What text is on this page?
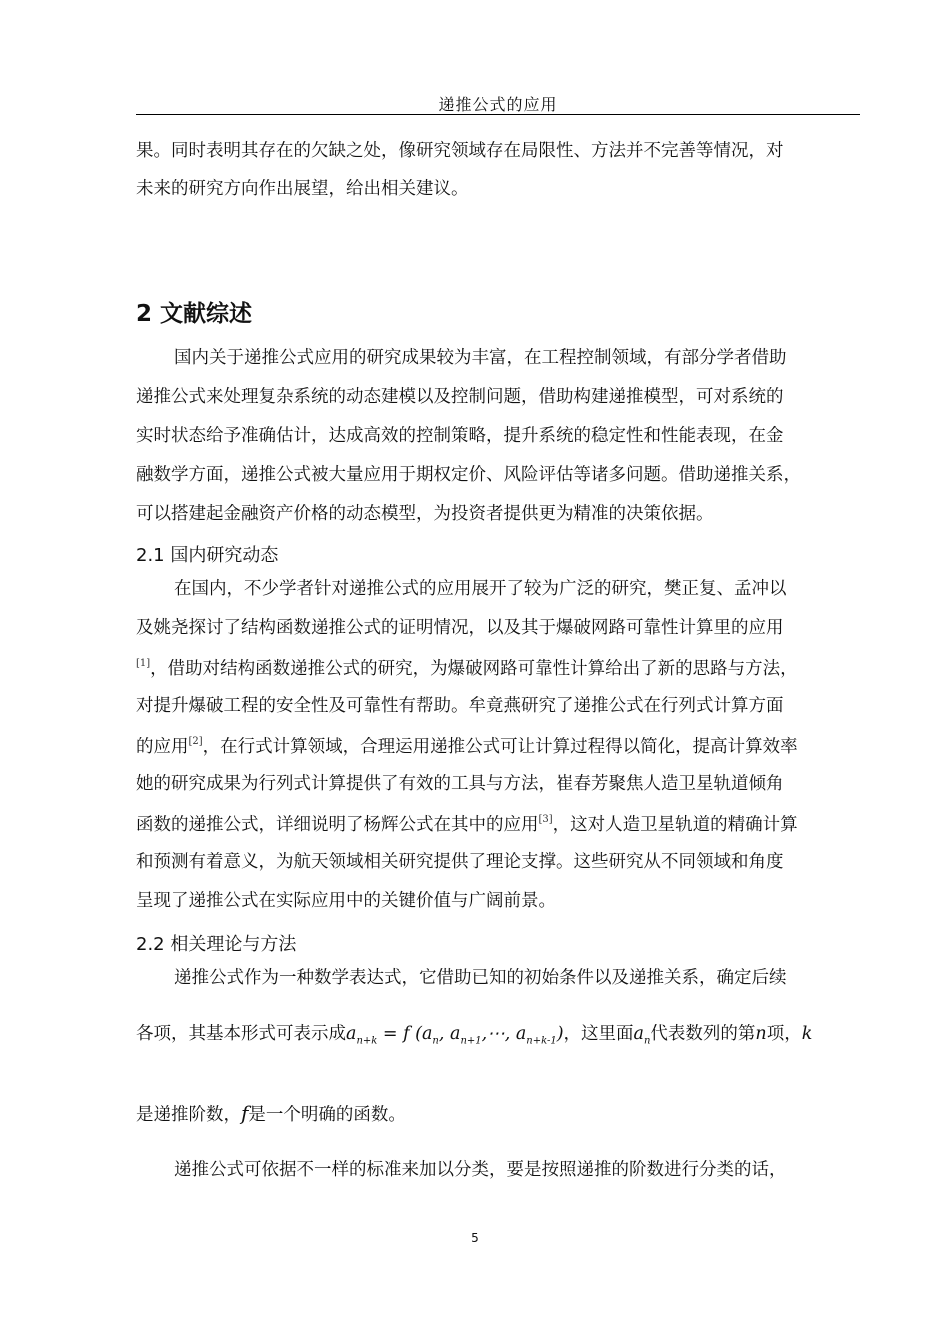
递推公式的应用
果。同时表明其存在的欠缺之处，像研究领域存在局限性、方法并不完善等情况，对
未来的研究方向作出展望，给出相关建议。
2 文献综述
国内关于递推公式应用的研究成果较为丰富，在工程控制领域，有部分学者借助
递推公式来处理复杂系统的动态建模以及控制问题，借助构建递推模型，可对系统的
实时状态给予准确估计，达成高效的控制策略，提升系统的稳定性和性能表现，在金
融数学方面，递推公式被大量应用于期权定价、风险评估等诸多问题。借助递推关系，
可以搭建起金融资产价格的动态模型，为投资者提供更为精准的决策依据。
2.1 国内研究动态
在国内，不少学者针对递推公式的应用展开了较为广泛的研究，樊正复、孟冲以
及姚尧探讨了结构函数递推公式的证明情况，以及其于爆破网路可靠性计算里的应用
[1]，借助对结构函数递推公式的研究，为爆破网路可靠性计算给出了新的思路与方法，
对提升爆破工程的安全性及可靠性有帮助。牟竟燕研究了递推公式在行列式计算方面
的应用[2]，在行式计算领域，合理运用递推公式可让计算过程得以简化，提高计算效率
她的研究成果为行列式计算提供了有效的工具与方法，崔春芳聚焦人造卫星轨道倾角
函数的递推公式，详细说明了杨辉公式在其中的应用[3]，这对人造卫星轨道的精确计算
和预测有着意义，为航天领域相关研究提供了理论支撑。这些研究从不同领域和角度
呈现了递推公式在实际应用中的关键价值与广阔前景。
2.2 相关理论与方法
递推公式作为一种数学表达式，它借助已知的初始条件以及递推关系，确定后续
各项，其基本形式可表示成$a_{n+k} = f$ ($a_n$, $a_{n+1},\cdots$, $a_{n+k-1}$)，这里面$a_n$代表数列的第n项，k
是递推阶数，f是一个明确的函数。
递推公式可依据不一样的标准来加以分类，要是按照递推的阶数进行分类的话，
5
